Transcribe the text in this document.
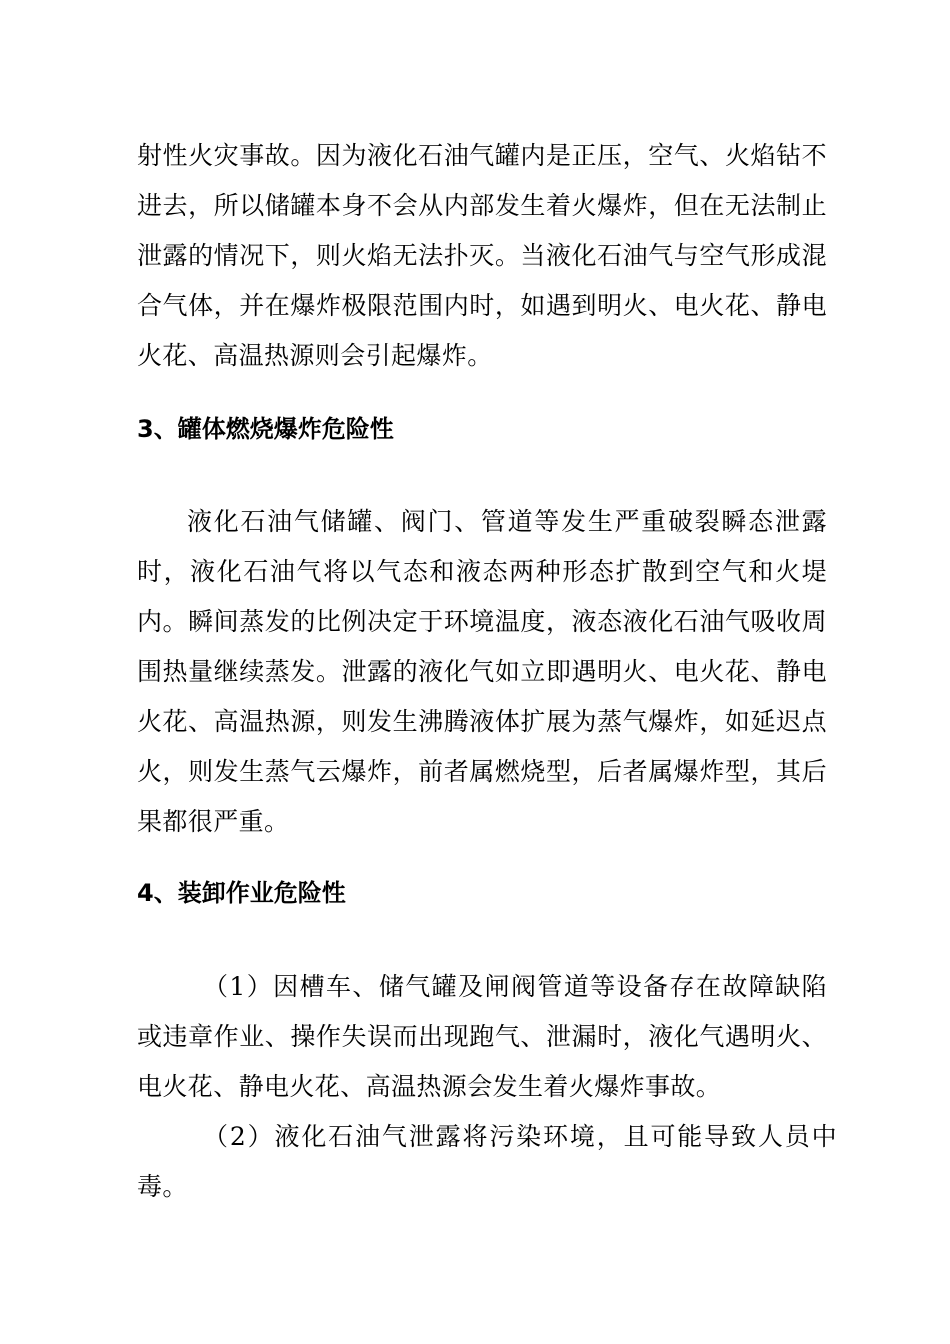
射性火灾事故。因为液化石油气罐内是正压，空气、火焰钻不进去，所以储罐本身不会从内部发生着火爆炸，但在无法制止泄露的情况下，则火焰无法扑灭。当液化石油气与空气形成混合气体，并在爆炸极限范围内时，如遇到明火、电火花、静电火花、高温热源则会引起爆炸。

3、罐体燃烧爆炸危险性

液化石油气储罐、阀门、管道等发生严重破裂瞬态泄露时，液化石油气将以气态和液态两种形态扩散到空气和火堤内。瞬间蒸发的比例决定于环境温度，液态液化石油气吸收周围热量继续蒸发。泄露的液化气如立即遇明火、电火花、静电火花、高温热源，则发生沸腾液体扩展为蒸气爆炸，如延迟点火，则发生蒸气云爆炸，前者属燃烧型，后者属爆炸型，其后果都很严重。

4、装卸作业危险性

（1）因槽车、储气罐及闸阀管道等设备存在故障缺陷或违章作业、操作失误而出现跑气、泄漏时，液化气遇明火、电火花、静电火花、高温热源会发生着火爆炸事故。

（2）液化石油气泄露将污染环境，且可能导致人员中毒。
